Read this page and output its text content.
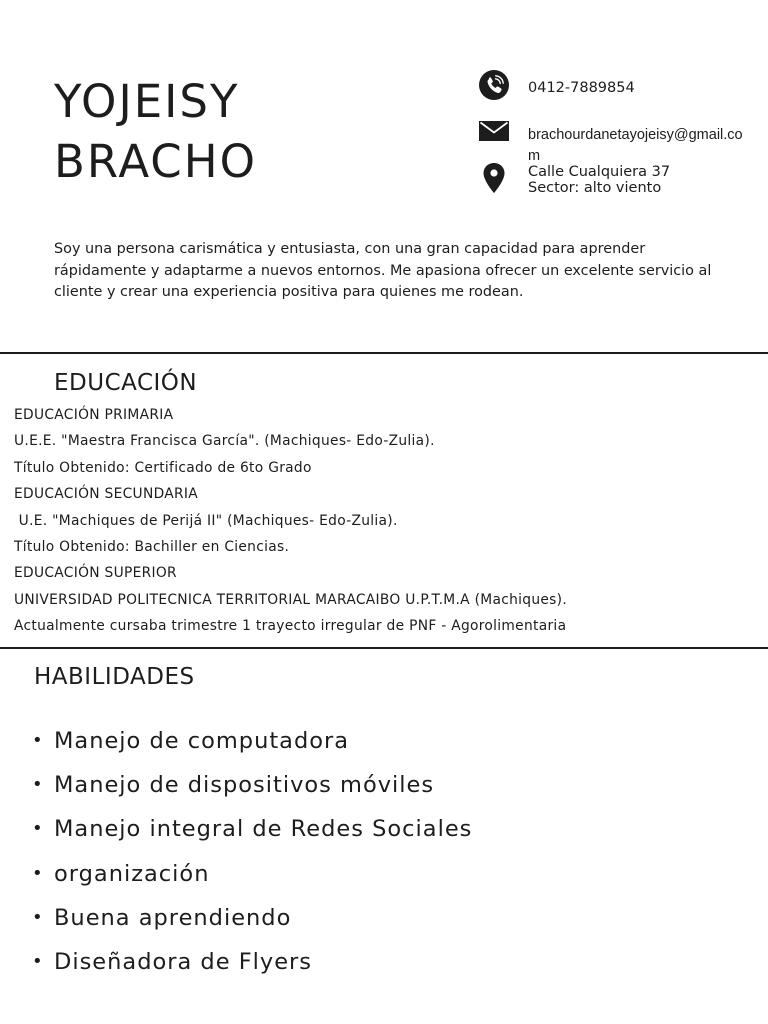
YOJEISY
BRACHO

0412-7889854

brachourdanetayojeisy@gmail.com

Calle Cualquiera 37
Sector: alto viento

Soy una persona carismática y entusiasta, con una gran capacidad para aprender rápidamente y adaptarme a nuevos entornos. Me apasiona ofrecer un excelente servicio al cliente y crear una experiencia positiva para quienes me rodean.

EDUCACIÓN
EDUCACIÓN PRIMARIA
U.E.E. "Maestra Francisca García". (Machiques- Edo-Zulia).
Título Obtenido: Certificado de 6to Grado
EDUCACIÓN SECUNDARIA
U.E. "Machiques de Perijá II" (Machiques- Edo-Zulia).
Título Obtenido: Bachiller en Ciencias.
EDUCACIÓN SUPERIOR
UNIVERSIDAD POLITECNICA TERRITORIAL MARACAIBO U.P.T.M.A (Machiques).
Actualmente cursaba trimestre 1 trayecto irregular de PNF - Agorolimentaria
HABILIDADES
• Manejo de computadora
• Manejo de dispositivos móviles
• Manejo integral de Redes Sociales
• organización
• Buena aprendiendo
• Diseñadora de Flyers
